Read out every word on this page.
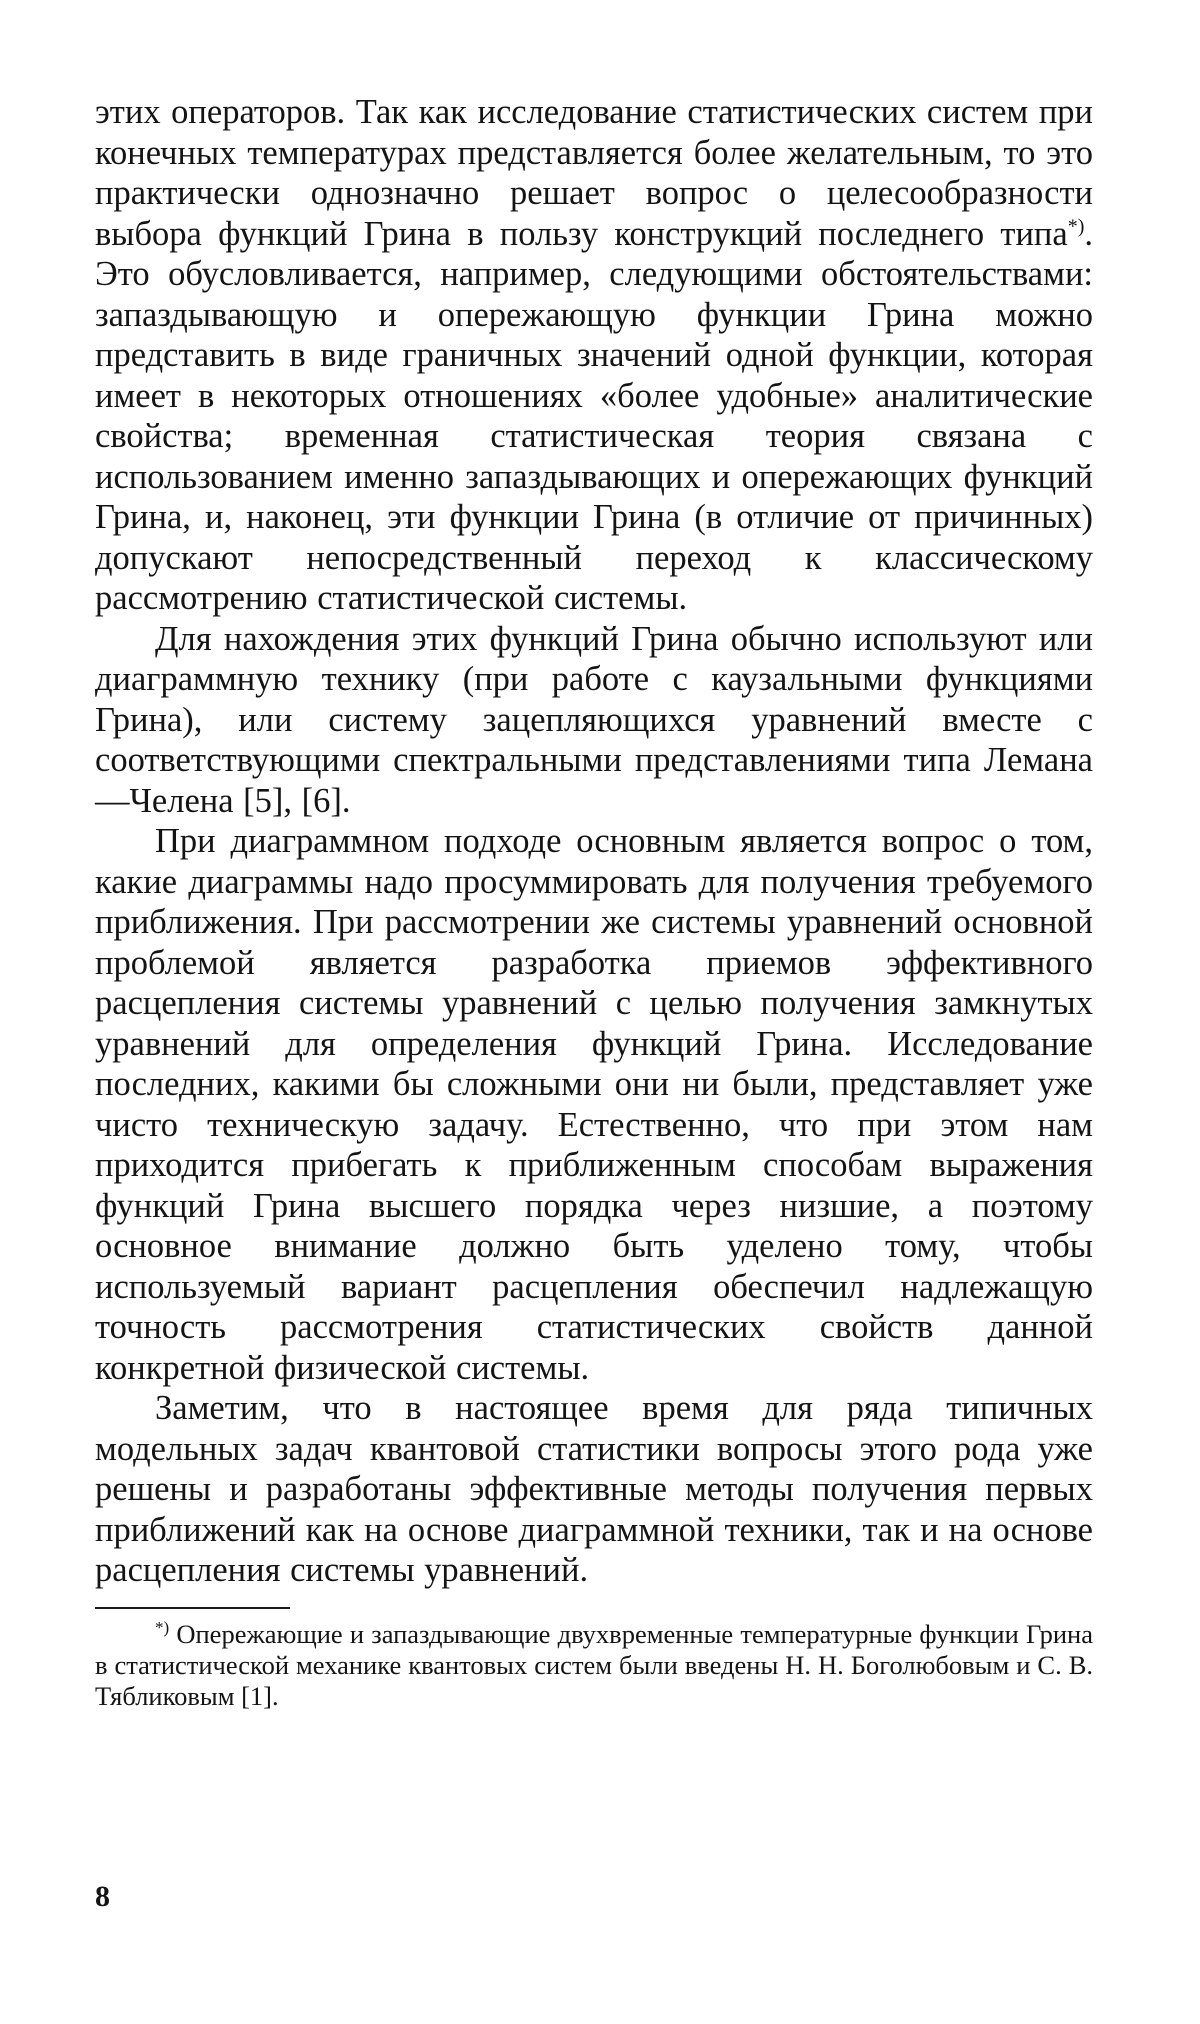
этих операторов. Так как исследование статистических систем при конечных температурах представляется более желательным, то это практически однозначно решает вопрос о целесообразности выбора функций Грина в пользу конструкций последнего типа*). Это обусловливается, например, следующими обстоятельствами: запаздывающую и опережающую функции Грина можно представить в виде граничных значений одной функции, которая имеет в некоторых отношениях «более удобные» аналитические свойства; временная статистическая теория связана с использованием именно запаздывающих и опережающих функций Грина, и, наконец, эти функции Грина (в отличие от причинных) допускают непосредственный переход к классическому рассмотрению статистической системы.

Для нахождения этих функций Грина обычно используют или диаграммную технику (при работе с каузальными функциями Грина), или систему зацепляющихся уравнений вместе с соответствующими спектральными представлениями типа Лемана—Челена [5], [6].

При диаграммном подходе основным является вопрос о том, какие диаграммы надо просуммировать для получения требуемого приближения. При рассмотрении же системы уравнений основной проблемой является разработка приемов эффективного расцепления системы уравнений с целью получения замкнутых уравнений для определения функций Грина. Исследование последних, какими бы сложными они ни были, представляет уже чисто техническую задачу. Естественно, что при этом нам приходится прибегать к приближенным способам выражения функций Грина высшего порядка через низшие, а поэтому основное внимание должно быть уделено тому, чтобы используемый вариант расцепления обеспечил надлежащую точность рассмотрения статистических свойств данной конкретной физической системы.

Заметим, что в настоящее время для ряда типичных модельных задач квантовой статистики вопросы этого рода уже решены и разработаны эффективные методы получения первых приближений как на основе диаграммной техники, так и на основе расцепления системы уравнений.

*) Опережающие и запаздывающие двухвременные температурные функции Грина в статистической механике квантовых систем были введены Н. Н. Боголюбовым и С. В. Тябликовым [1].

8
